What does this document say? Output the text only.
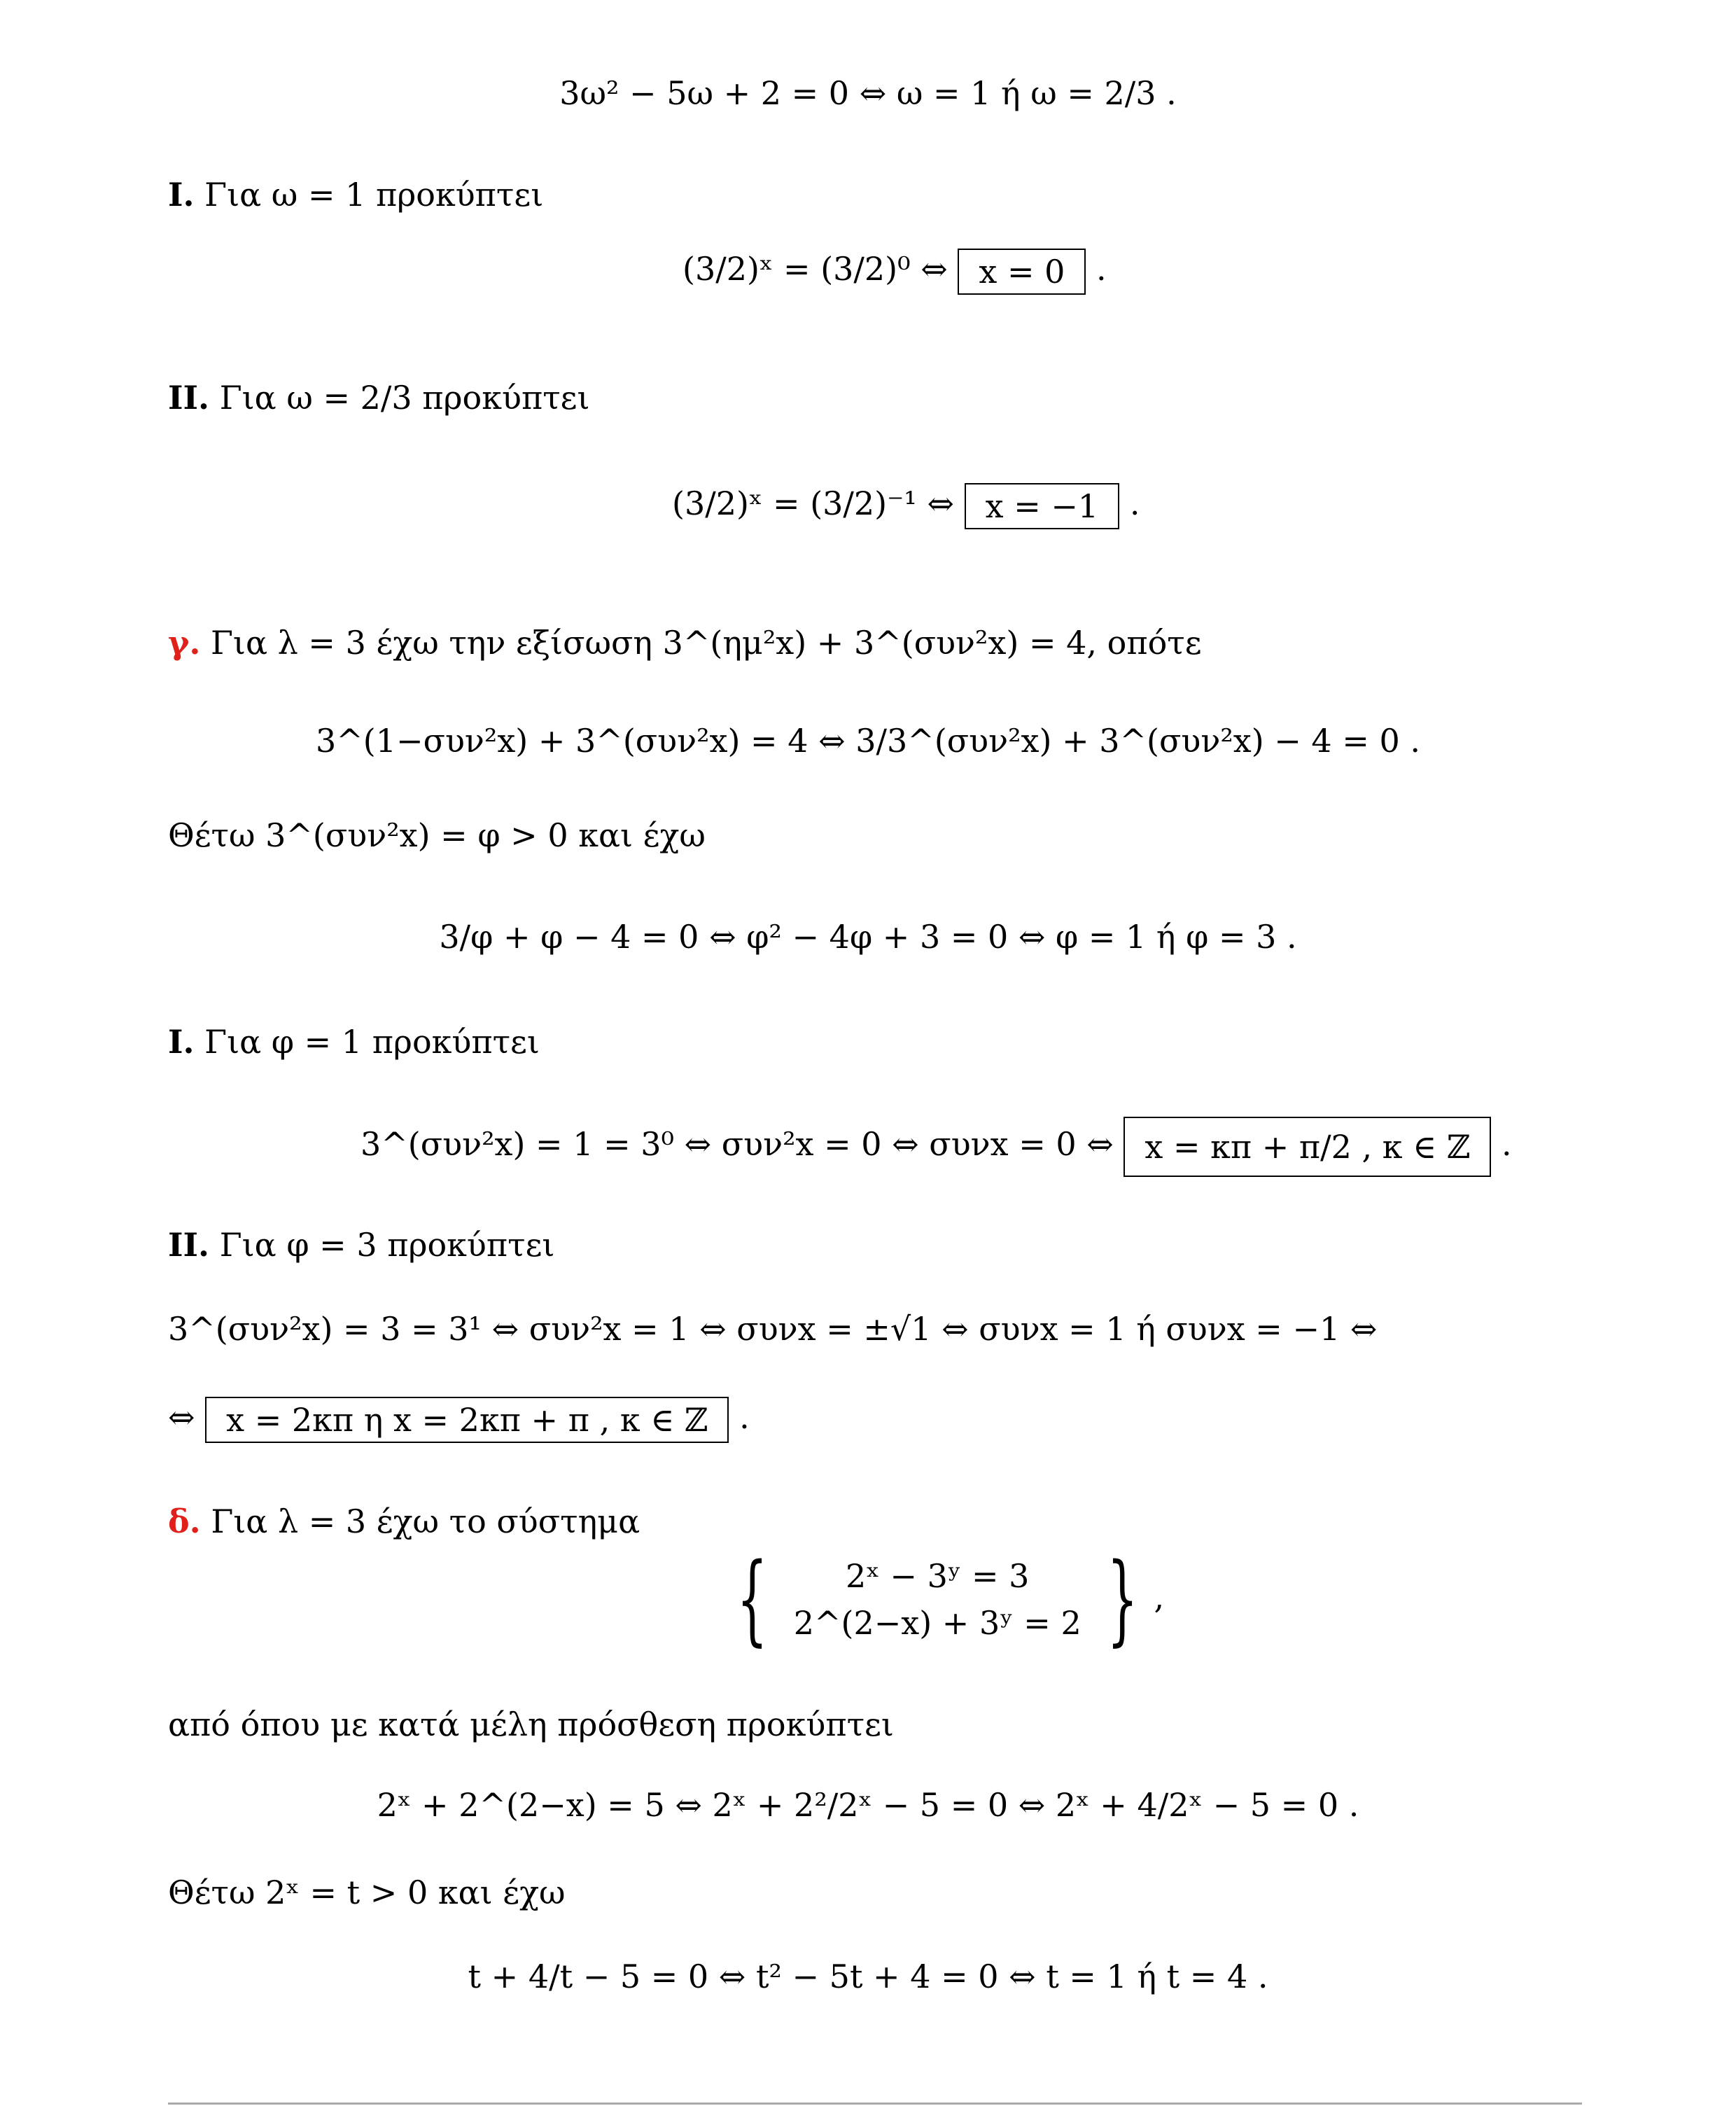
3ω² − 5ω + 2 = 0 ⇔ ω = 1 ή ω = 2/3 .
I. Για ω = 1 προκύπτει
(3/2)ˣ = (3/2)⁰ ⇔ x = 0 .
II. Για ω = 2/3 προκύπτει
(3/2)ˣ = (3/2)⁻¹ ⇔ x = −1 .
γ. Για λ = 3 έχω την εξίσωση 3^(ημ²x) + 3^(συν²x) = 4, οπότε
3^(1−συν²x) + 3^(συν²x) = 4 ⇔ 3/3^(συν²x) + 3^(συν²x) − 4 = 0 .
Θέτω 3^(συν²x) = φ > 0 και έχω
3/φ + φ − 4 = 0 ⇔ φ² − 4φ + 3 = 0 ⇔ φ = 1 ή φ = 3 .
I. Για φ = 1 προκύπτει
3^(συν²x) = 1 = 3⁰ ⇔ συν²x = 0 ⇔ συνx = 0 ⇔ x = κπ + π/2 , κ ∈ ℤ .
II. Για φ = 3 προκύπτει
3^(συν²x) = 3 = 3¹ ⇔ συν²x = 1 ⇔ συνx = ±√1 ⇔ συνx = 1 ή συνx = −1 ⇔
⇔ x = 2κπ η x = 2κπ + π , κ ∈ ℤ .
δ. Για λ = 3 έχω το σύστημα
{	2ˣ − 3ʸ = 3
2^(2−x) + 3ʸ = 2 } ,
από όπου με κατά μέλη πρόσθεση προκύπτει
2ˣ + 2^(2−x) = 5 ⇔ 2ˣ + 2²/2ˣ − 5 = 0 ⇔ 2ˣ + 4/2ˣ − 5 = 0 .
Θέτω 2ˣ = t > 0 και έχω
t + 4/t − 5 = 0 ⇔ t² − 5t + 4 = 0 ⇔ t = 1 ή t = 4 .
